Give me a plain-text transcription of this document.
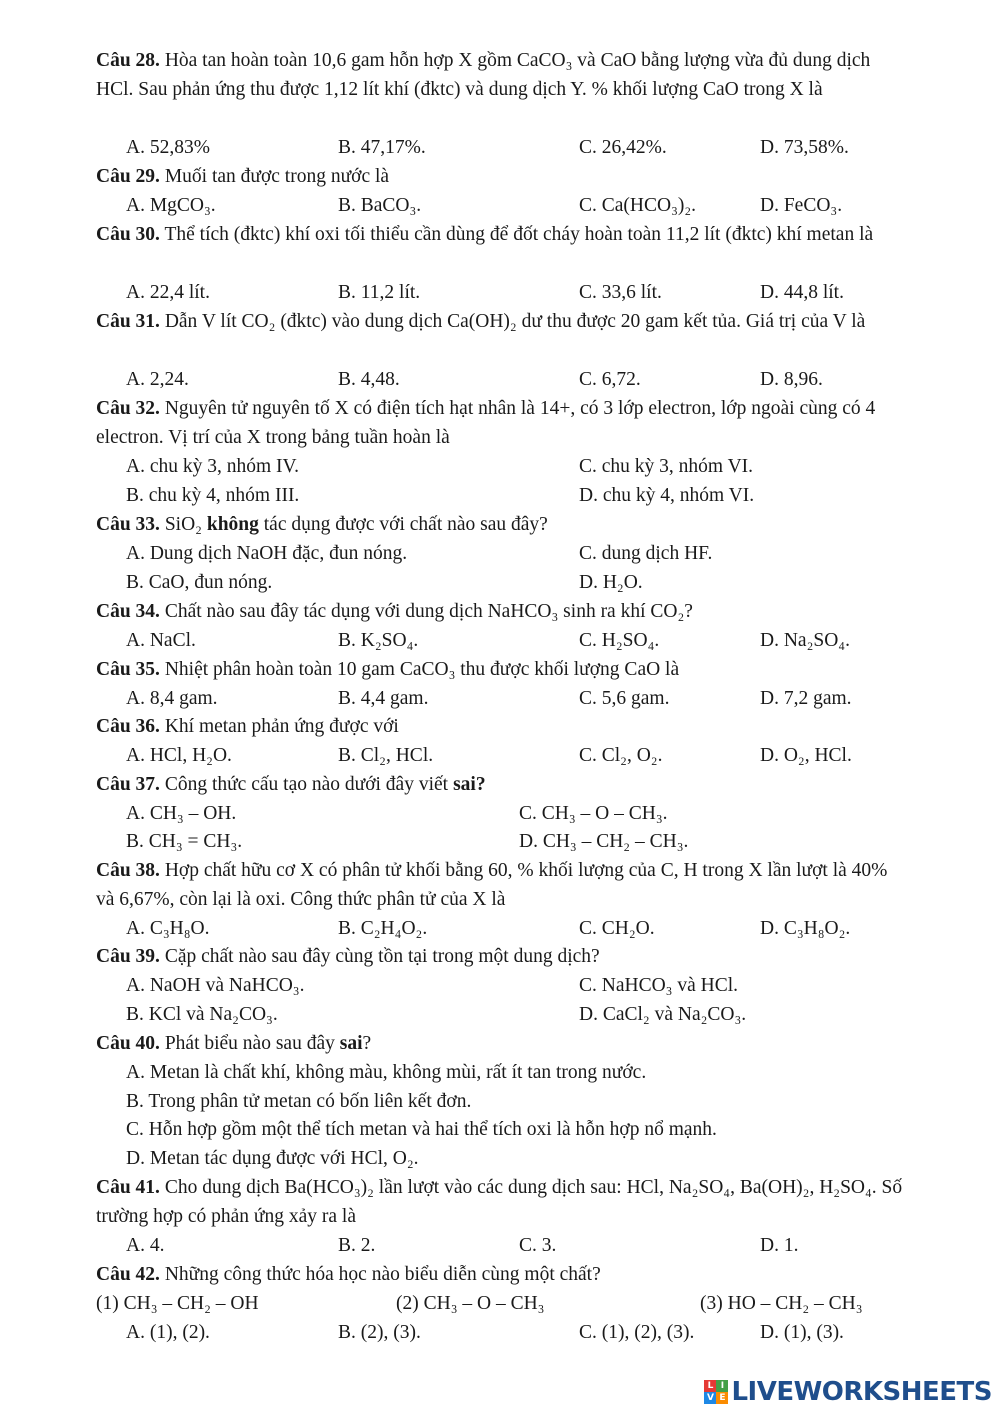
Câu 28. Hòa tan hoàn toàn 10,6 gam hỗn hợp X gồm CaCO₃ và CaO bằng lượng vừa đủ dung dịch HCl. Sau phản ứng thu được 1,12 lít khí (đktc) và dung dịch Y. % khối lượng CaO trong X là
A. 52,83%	B. 47,17%.	C. 26,42%.	D. 73,58%.
Câu 29. Muối tan được trong nước là
A. MgCO₃.	B. BaCO₃.	C. Ca(HCO₃)₂.	D. FeCO₃.
Câu 30. Thể tích (đktc) khí oxi tối thiểu cần dùng để đốt cháy hoàn toàn 11,2 lít (đktc) khí metan là
A. 22,4 lít.	B. 11,2 lít.	C. 33,6 lít.	D. 44,8 lít.
Câu 31. Dẫn V lít CO₂ (đktc) vào dung dịch Ca(OH)₂ dư thu được 20 gam kết tủa. Giá trị của V là
A. 2,24.	B. 4,48.	C. 6,72.	D. 8,96.
Câu 32. Nguyên tử nguyên tố X có điện tích hạt nhân là 14+, có 3 lớp electron, lớp ngoài cùng có 4 electron. Vị trí của X trong bảng tuần hoàn là
A. chu kỳ 3, nhóm IV.	C. chu kỳ 3, nhóm VI.
B. chu kỳ 4, nhóm III.	D. chu kỳ 4, nhóm VI.
Câu 33. SiO₂ không tác dụng được với chất nào sau đây?
A. Dung dịch NaOH đặc, đun nóng.	C. dung dịch HF.
B. CaO, đun nóng.	D. H₂O.
Câu 34. Chất nào sau đây tác dụng với dung dịch NaHCO₃ sinh ra khí CO₂?
A. NaCl.	B. K₂SO₄.	C. H₂SO₄.	D. Na₂SO₄.
Câu 35. Nhiệt phân hoàn toàn 10 gam CaCO₃ thu được khối lượng CaO là
A. 8,4 gam.	B. 4,4 gam.	C. 5,6 gam.	D. 7,2 gam.
Câu 36. Khí metan phản ứng được với
A. HCl, H₂O.	B. Cl₂, HCl.	C. Cl₂, O₂.	D. O₂, HCl.
Câu 37. Công thức cấu tạo nào dưới đây viết sai?
A. CH₃ – OH.	C. CH₃ – O – CH₃.
B. CH₃ = CH₃.	D. CH₃ – CH₂ – CH₃.
Câu 38. Hợp chất hữu cơ X có phân tử khối bằng 60, % khối lượng của C, H trong X lần lượt là 40% và 6,67%, còn lại là oxi. Công thức phân tử của X là
A. C₃H₈O.	B. C₂H₄O₂.	C. CH₂O.	D. C₃H₈O₂.
Câu 39. Cặp chất nào sau đây cùng tồn tại trong một dung dịch?
A. NaOH và NaHCO₃.	C. NaHCO₃ và HCl.
B. KCl và Na₂CO₃.	D. CaCl₂ và Na₂CO₃.
Câu 40. Phát biểu nào sau đây sai?
A. Metan là chất khí, không màu, không mùi, rất ít tan trong nước.
B. Trong phân tử metan có bốn liên kết đơn.
C. Hỗn hợp gồm một thể tích metan và hai thể tích oxi là hỗn hợp nổ mạnh.
D. Metan tác dụng được với HCl, O₂.
Câu 41. Cho dung dịch Ba(HCO₃)₂ lần lượt vào các dung dịch sau: HCl, Na₂SO₄, Ba(OH)₂, H₂SO₄. Số trường hợp có phản ứng xảy ra là
A. 4.	B. 2.	C. 3.	D. 1.
Câu 42. Những công thức hóa học nào biểu diễn cùng một chất?
(1) CH₃ – CH₂ – OH	(2) CH₃ – O – CH₃	(3) HO – CH₂ – CH₃
A. (1), (2).	B. (2), (3).	C. (1), (2), (3).	D. (1), (3).
L I
V E LIVEWORKSHEETS
